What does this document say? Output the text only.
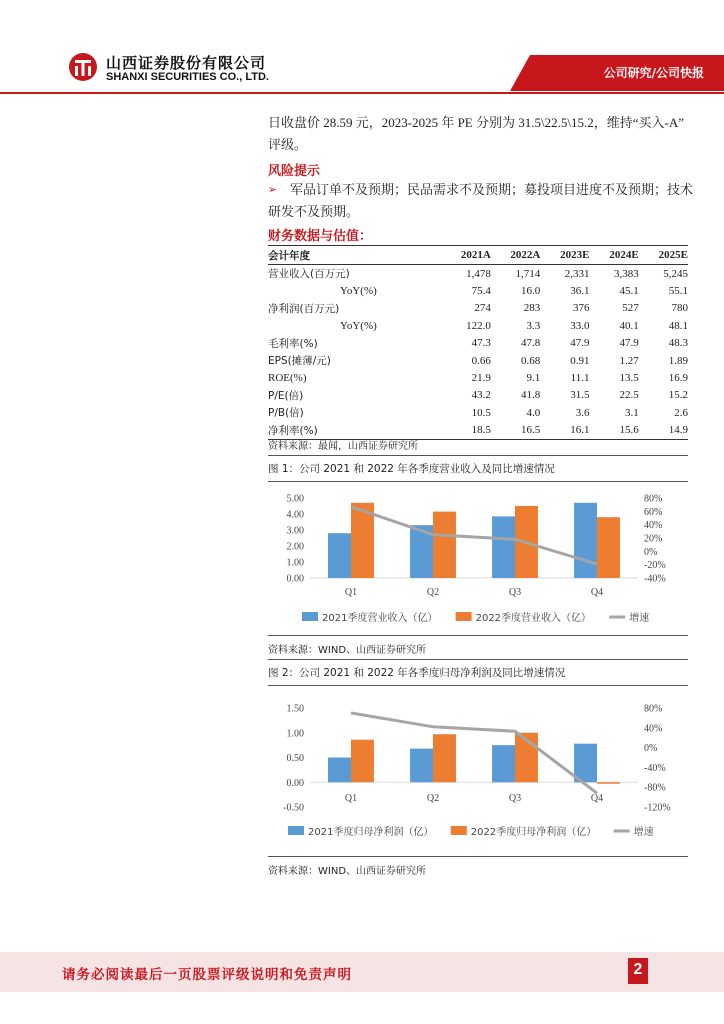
山西证券股份有限公司
SHANXI SECURITIES CO., LTD.	公司研究/公司快报
日收盘价 28.59 元，2023-2025 年 PE 分别为 31.5\22.5\15.2，维持“买入-A”
评级。
风险提示
➢ 军品订单不及预期；民品需求不及预期；募投项目进度不及预期；技术
研发不及预期。
财务数据与估值：
会计年度	2021A	2022A	2023E	2024E	2025E
营业收入(百万元)	1,478	1,714	2,331	3,383	5,245
YoY(%)	75.4	16.0	36.1	45.1	55.1
净利润(百万元)	274	283	376	527	780
YoY(%)	122.0	3.3	33.0	40.1	48.1
毛利率(%)	47.3	47.8	47.9	47.9	48.3
EPS(摊薄/元)	0.66	0.68	0.91	1.27	1.89
ROE(%)	21.9	9.1	11.1	13.5	16.9
P/E(倍)	43.2	41.8	31.5	22.5	15.2
P/B(倍)	10.5	4.0	3.6	3.1	2.6
净利率(%)	18.5	16.5	16.1	15.6	14.9
资料来源：最闻，山西证券研究所
图 1：公司 2021 和 2022 年各季度营业收入及同比增速情况
5.00
4.00
3.00
2.00
1.00
0.00
80%
60%
40%
20%
0%
-20%
-40%
Q1	Q2	Q3	Q4
2021季度营业收入（亿）	2022季度营业收入（亿）	增速
资料来源：WIND、山西证券研究所
图 2：公司 2021 和 2022 年各季度归母净利润及同比增速情况
1.50
1.00
0.50
0.00
-0.50
80%
40%
0%
-40%
-80%
-120%
Q1	Q2	Q3	Q4
2021季度归母净利润（亿）	2022季度归母净利润（亿）	增速
资料来源：WIND、山西证券研究所
请务必阅读最后一页股票评级说明和免责声明	2
